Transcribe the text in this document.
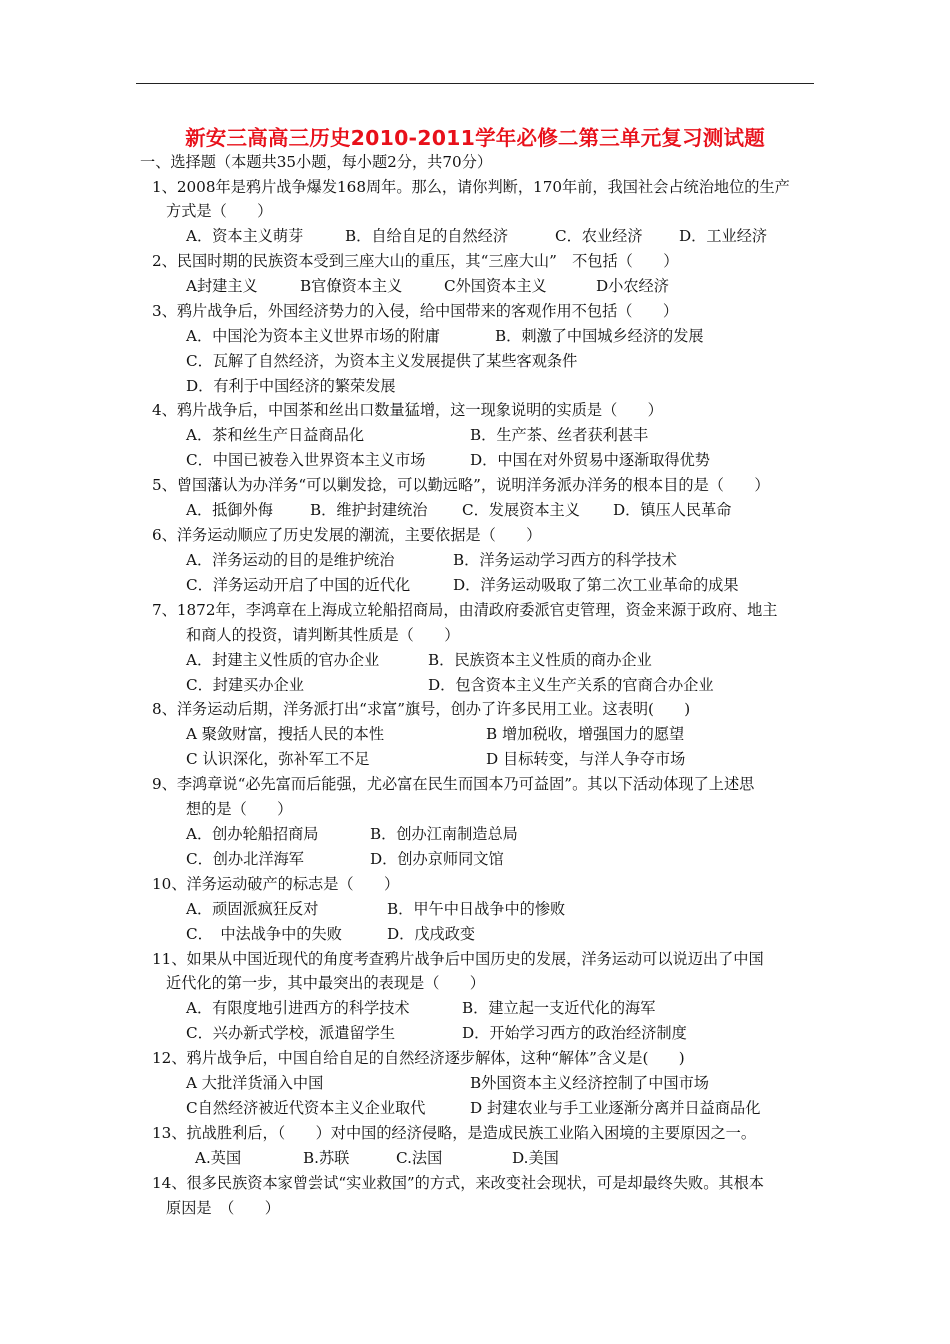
新安三高高三历史2010-2011学年必修二第三单元复习测试题
一、选择题（本题共35小题，每小题2分，共70分）
1、2008年是鸦片战争爆发168周年。那么，请你判断，170年前，我国社会占统治地位的生产
方式是（　　）
A．资本主义萌芽	B．自给自足的自然经济	C．农业经济 D．工业经济
2、民国时期的民族资本受到三座大山的重压，其“三座大山”　不包括（　　）
A封建主义	B官僚资本主义	C外国资本主义	D小农经济
3、鸦片战争后，外国经济势力的入侵，给中国带来的客观作用不包括（　　）
A．中国沦为资本主义世界市场的附庸	B．刺激了中国城乡经济的发展
C．瓦解了自然经济，为资本主义发展提供了某些客观条件
D．有利于中国经济的繁荣发展
4、鸦片战争后，中国茶和丝出口数量猛增，这一现象说明的实质是（　　）
A．茶和丝生产日益商品化	B．生产茶、丝者获利甚丰
C．中国已被卷入世界资本主义市场	D．中国在对外贸易中逐渐取得优势
5、曾国藩认为办洋务“可以剿发捻，可以勤远略”，说明洋务派办洋务的根本目的是（　　）
A．抵御外侮 B．维护封建统治 C．发展资本主义 D．镇压人民革命
6、洋务运动顺应了历史发展的潮流，主要依据是（　　）
A．洋务运动的目的是维护统治	B．洋务运动学习西方的科学技术
C．洋务运动开启了中国的近代化	D．洋务运动吸取了第二次工业革命的成果
7、1872年，李鸿章在上海成立轮船招商局，由清政府委派官吏管理，资金来源于政府、地主
和商人的投资，请判断其性质是（　　）
A．封建主义性质的官办企业	B．民族资本主义性质的商办企业
C．封建买办企业	D．包含资本主义生产关系的官商合办企业
8、洋务运动后期，洋务派打出“求富”旗号，创办了许多民用工业。这表明(　　)
A 聚敛财富，搜括人民的本性	B 增加税收，增强国力的愿望
C 认识深化，弥补军工不足	D 目标转变，与洋人争夺市场
9、李鸿章说“必先富而后能强，尤必富在民生而国本乃可益固”。其以下活动体现了上述思
想的是（　　）
A．创办轮船招商局	B．创办江南制造总局
C．创办北洋海军	D．创办京师同文馆
10、洋务运动破产的标志是（　　）
A．顽固派疯狂反对	B．甲午中日战争中的惨败
C．　中法战争中的失败	D．戊戌政变
11、如果从中国近现代的角度考查鸦片战争后中国历史的发展，洋务运动可以说迈出了中国
近代化的第一步，其中最突出的表现是（　　）
A．有限度地引进西方的科学技术	B．建立起一支近代化的海军
C．兴办新式学校，派遣留学生	D．开始学习西方的政治经济制度
12、鸦片战争后，中国自给自足的自然经济逐步解体，这种“解体”含义是(　　)
A 大批洋货涌入中国	B外国资本主义经济控制了中国市场
C自然经济被近代资本主义企业取代	D 封建农业与手工业逐渐分离并日益商品化
13、抗战胜利后，（　　）对中国的经济侵略，是造成民族工业陷入困境的主要原因之一。
A.英国	B.苏联	C.法国	D.美国
14、很多民族资本家曾尝试“实业救国”的方式，来改变社会现状，可是却最终失败。其根本
原因是　（　　）
